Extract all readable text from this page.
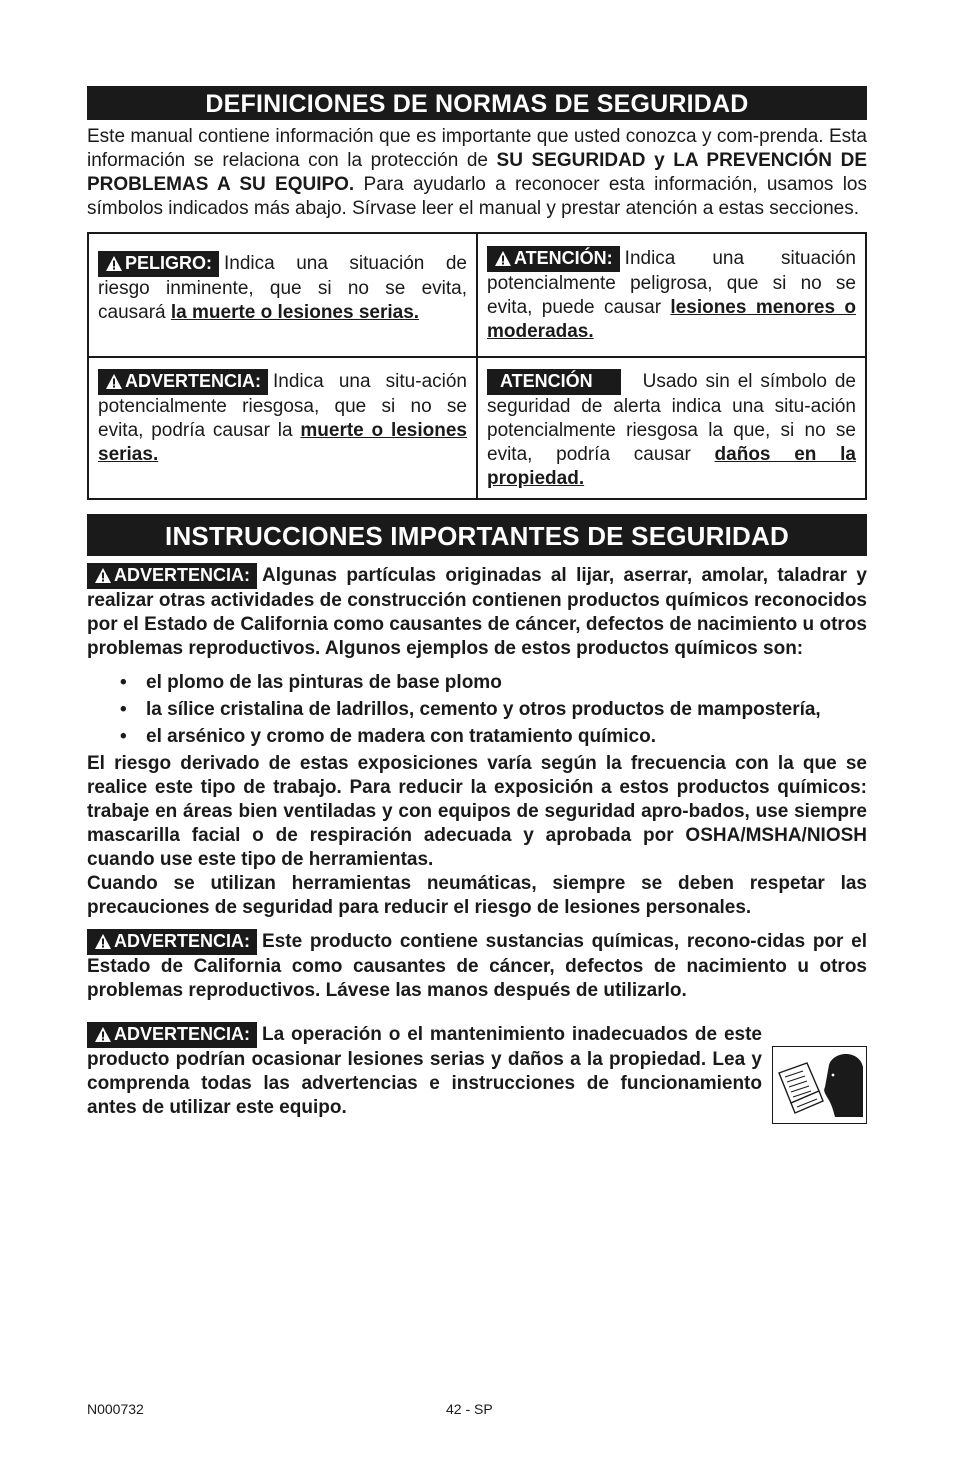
DEFINICIONES DE NORMAS DE SEGURIDAD

Este manual contiene información que es importante que usted conozca y com-prenda. Esta información se relaciona con la protección de SU SEGURIDAD y LA PREVENCIÓN DE PROBLEMAS A SU EQUIPO. Para ayudarlo a reconocer esta información, usamos los símbolos indicados más abajo. Sírvase leer el manual y prestar atención a estas secciones.

PELIGRO: Indica una situación de riesgo inminente, que si no se evita, causará la muerte o lesiones serias.	ATENCIÓN: Indica una situación potencialmente peligrosa, que si no se evita, puede causar lesiones menores o moderadas.
ADVERTENCIA: Indica una situ-ación potencialmente riesgosa, que si no se evita, podría causar la muerte o lesiones serias.	ATENCIÓN Usado sin el símbolo de seguridad de alerta indica una situ-ación potencialmente riesgosa la que, si no se evita, podría causar daños en la propiedad.
INSTRUCCIONES IMPORTANTES DE SEGURIDAD

ADVERTENCIA: Algunas partículas originadas al lijar, aserrar, amolar, taladrar y realizar otras actividades de construcción contienen productos químicos reconocidos por el Estado de California como causantes de cáncer, defectos de nacimiento u otros problemas reproductivos. Algunos ejemplos de estos productos químicos son:

• el plomo de las pinturas de base plomo
• la sílice cristalina de ladrillos, cemento y otros productos de mampostería,
• el arsénico y cromo de madera con tratamiento químico.

El riesgo derivado de estas exposiciones varía según la frecuencia con la que se realice este tipo de trabajo. Para reducir la exposición a estos productos químicos: trabaje en áreas bien ventiladas y con equipos de seguridad apro-bados, use siempre mascarilla facial o de respiración adecuada y aprobada por OSHA/MSHA/NIOSH cuando use este tipo de herramientas.

Cuando se utilizan herramientas neumáticas, siempre se deben respetar las precauciones de seguridad para reducir el riesgo de lesiones personales.

ADVERTENCIA: Este producto contiene sustancias químicas, recono-cidas por el Estado de California como causantes de cáncer, defectos de nacimiento u otros problemas reproductivos. Lávese las manos después de utilizarlo.

ADVERTENCIA: La operación o el mantenimiento inadecuados de este producto podrían ocasionar lesiones serias y daños a la propiedad. Lea y comprenda todas las advertencias e instrucciones de funcionamiento antes de utilizar este equipo.

N000732	42 - SP
